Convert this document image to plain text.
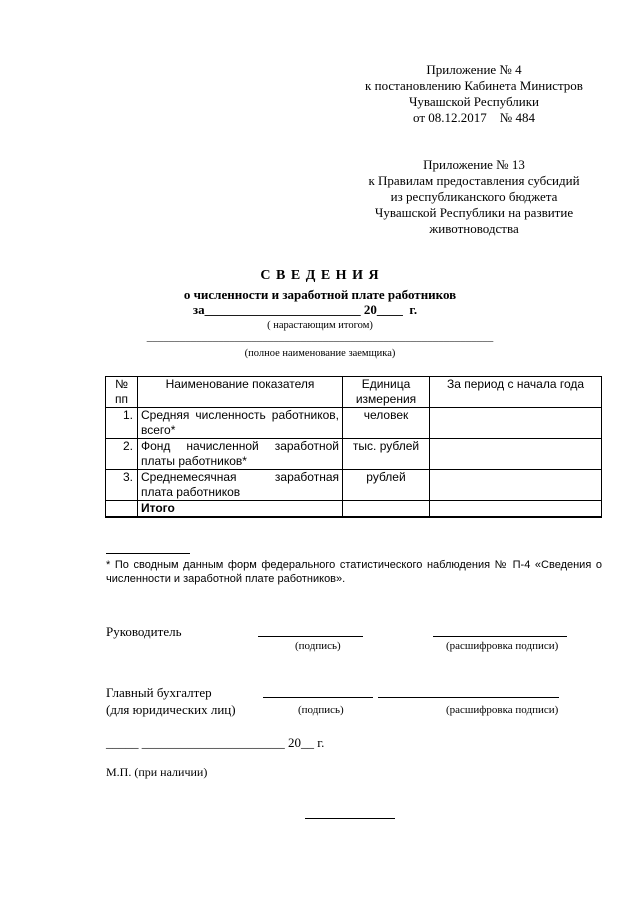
Приложение № 4
к постановлению Кабинета Министров
Чувашской Республики
от 08.12.2017    № 484
Приложение № 13
к Правилам предоставления субсидий
из республиканского бюджета
Чувашской Республики на развитие
животноводства
С В Е Д Е Н И Я
о численности и заработной плате работников
за________________________ 20____  г.
( нарастающим итогом)
_______________________________________________________________
(полное наименование заемщика)
№ пп	Наименование показателя	Единица измерения	За период с начала года
1.	Средняя численность работников, всего*	человек	
2.	Фонд начисленной заработной платы работников*	тыс. рублей	
3.	Среднемесячная заработная плата работников	рублей	
	Итого		
* По сводным данным форм федерального статистического наблюдения № П-4 «Сведения о численности и заработной плате работников».
Руководитель
(подпись)	(расшифровка подписи)
Главный бухгалтер
(для юридических лиц)	(подпись)	(расшифровка подписи)
_____ ______________________ 20__ г.
М.П. (при наличии)
